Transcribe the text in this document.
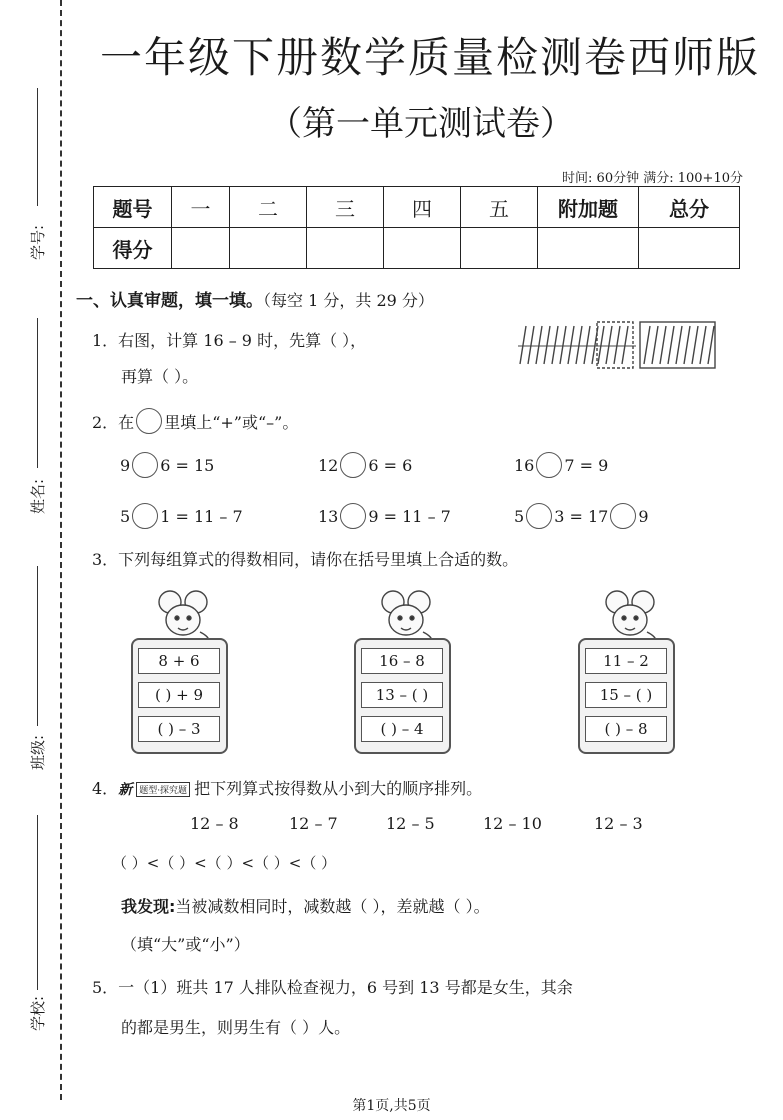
学号:
姓名:
班级:
学校:
一年级下册数学质量检测卷西师版
（第一单元测试卷）
时间: 60分钟 满分: 100+10分
题号	一	二	三	四	五	附加题	总分
得分							
一、认真审题，填一填。（每空 1 分，共 29 分）
1．右图，计算 16 – 9 时，先算（ ），
再算（ ）。
2．在 里填上“+”或“–”。
9 6 = 15	12 6 = 6	16 7 = 9
5 1 = 11 – 7	13 9 = 11 – 7	5 3 = 17 9
3．下列每组算式的得数相同，请你在括号里填上合适的数。
8 + 6
( ) + 9
( ) – 3
16 – 8
13 – ( )
( ) – 4
11 – 2
15 – ( )
( ) – 8
4．新 题型·探究题 把下列算式按得数从小到大的顺序排列。
12 – 8	12 – 7	12 – 5	12 – 10	12 – 3
（ ）<（ ）<（ ）<（ ）<（ ）
我发现:当被减数相同时，减数越（ ），差就越（ ）。
（填“大”或“小”）
5．一（1）班共 17 人排队检查视力，6 号到 13 号都是女生，其余
的都是男生，则男生有（ ）人。
第1页,共5页
